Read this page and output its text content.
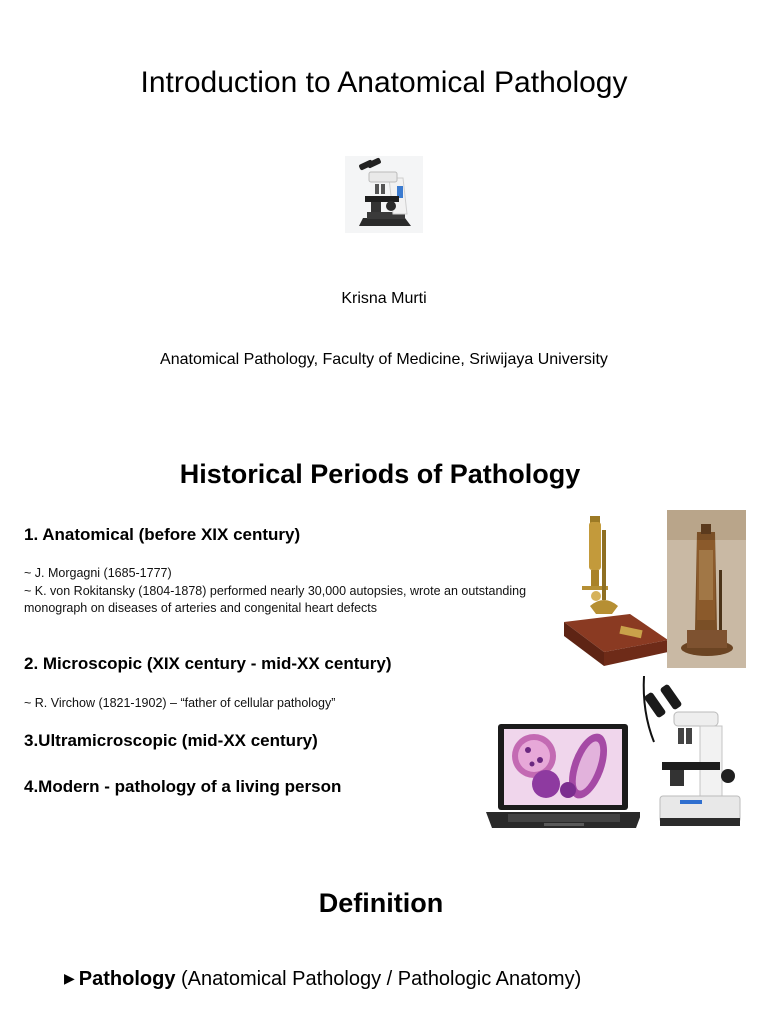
Introduction to Anatomical Pathology
Krisna Murti
Anatomical Pathology, Faculty of Medicine, Sriwijaya University
Historical Periods of Pathology
1. Anatomical (before XIX century)
~ J. Morgagni (1685-1777)
~ K. von Rokitansky (1804-1878) performed nearly 30,000 autopsies, wrote an outstanding monograph on diseases of arteries and congenital heart defects
2. Microscopic (XIX century - mid-XX century)
~ R. Virchow (1821-1902) – “father of cellular pathology”
3.Ultramicroscopic (mid-XX century)
4.Modern - pathology of a living person
Definition
▶ Pathology (Anatomical Pathology / Pathologic Anatomy)
